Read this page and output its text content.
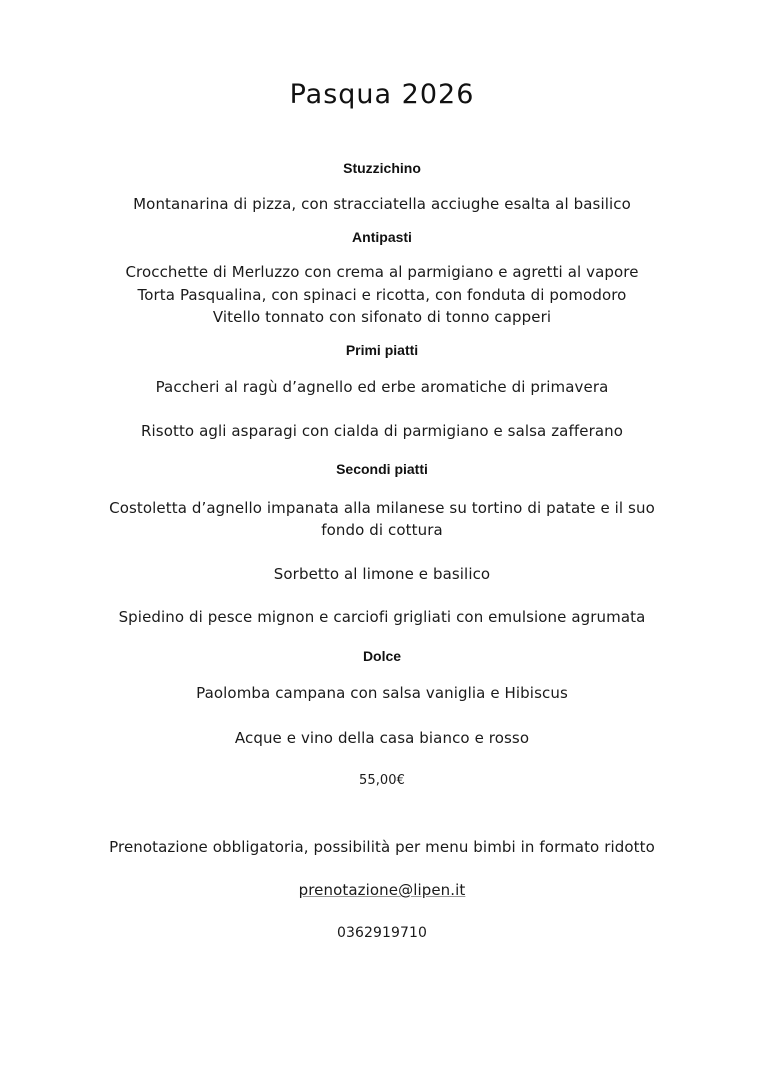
Pasqua 2026
Stuzzichino
Montanarina di pizza, con stracciatella acciughe esalta al basilico
Antipasti
Crocchette di Merluzzo con crema al parmigiano e agretti al vapore
Torta Pasqualina, con spinaci e ricotta, con fonduta di pomodoro
Vitello tonnato con sifonato di tonno capperi
Primi piatti
Paccheri al ragù d’agnello ed erbe aromatiche di primavera
Risotto agli asparagi con cialda di parmigiano e salsa zafferano
Secondi piatti
Costoletta d’agnello impanata alla milanese su tortino di patate e il suo
fondo di cottura
Sorbetto al limone e basilico
Spiedino di pesce mignon e carciofi grigliati con emulsione agrumata
Dolce
Paolomba campana con salsa vaniglia e Hibiscus
Acque e vino della casa bianco e rosso
55,00€
Prenotazione obbligatoria, possibilità per menu bimbi in formato ridotto
prenotazione@lipen.it
0362919710
